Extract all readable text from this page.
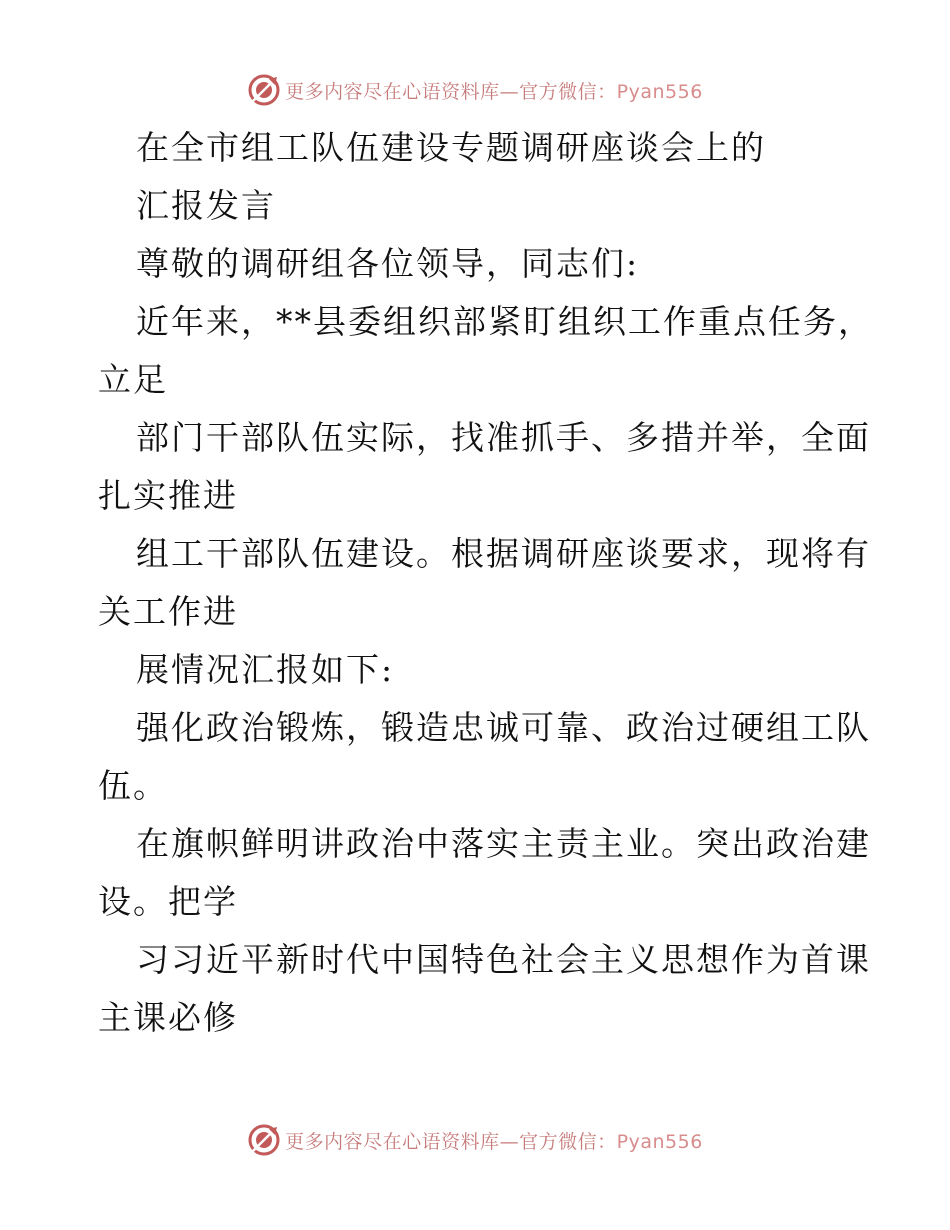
更多内容尽在心语资料库—官方微信：Pyan556
在全市组工队伍建设专题调研座谈会上的
汇报发言
尊敬的调研组各位领导，同志们:
近年来，**县委组织部紧盯组织工作重点任务，
立足
部门干部队伍实际，找准抓手、多措并举，全面
扎实推进
组工干部队伍建设。根据调研座谈要求，现将有
关工作进
展情况汇报如下:
强化政治锻炼，锻造忠诚可靠、政治过硬组工队
伍。
在旗帜鲜明讲政治中落实主责主业。突出政治建
设。把学
习习近平新时代中国特色社会主义思想作为首课
主课必修
更多内容尽在心语资料库—官方微信：Pyan556
